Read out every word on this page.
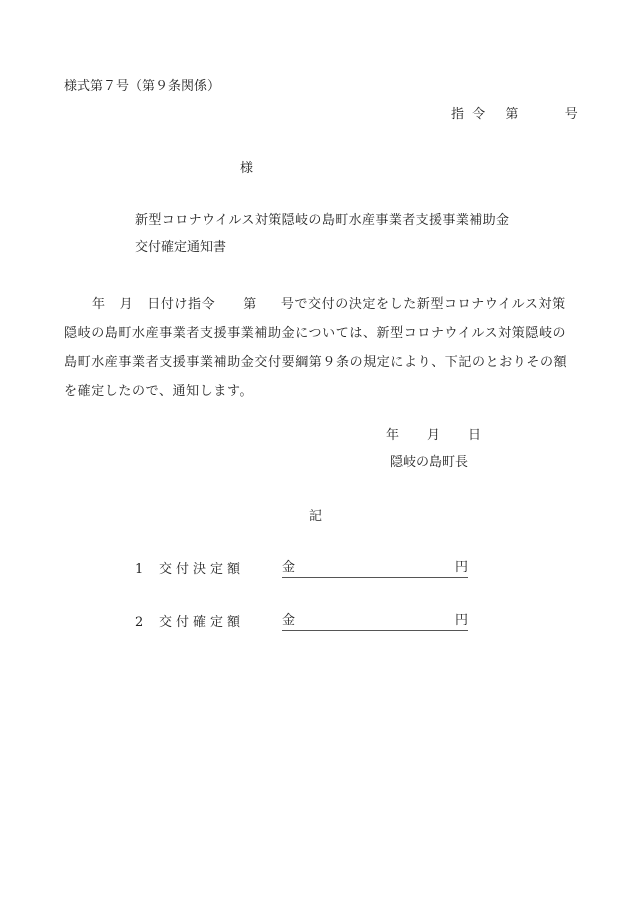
様式第７号（第９条関係）
指 令 第	号
様
新型コロナウイルス対策隠岐の島町水産事業者支援事業補助金
交付確定通知書
年 月 日付け指令 第 号で交付の決定をした新型コロナウイルス対策
隠岐の島町水産事業者支援事業補助金については、新型コロナウイルス対策隠岐の
島町水産事業者支援事業補助金交付要綱第９条の規定により、下記のとおりその額
を確定したので、通知します。
年 月 日
隠岐の島町長
記
1	交付決定額	金	円
2	交付確定額	金	円
